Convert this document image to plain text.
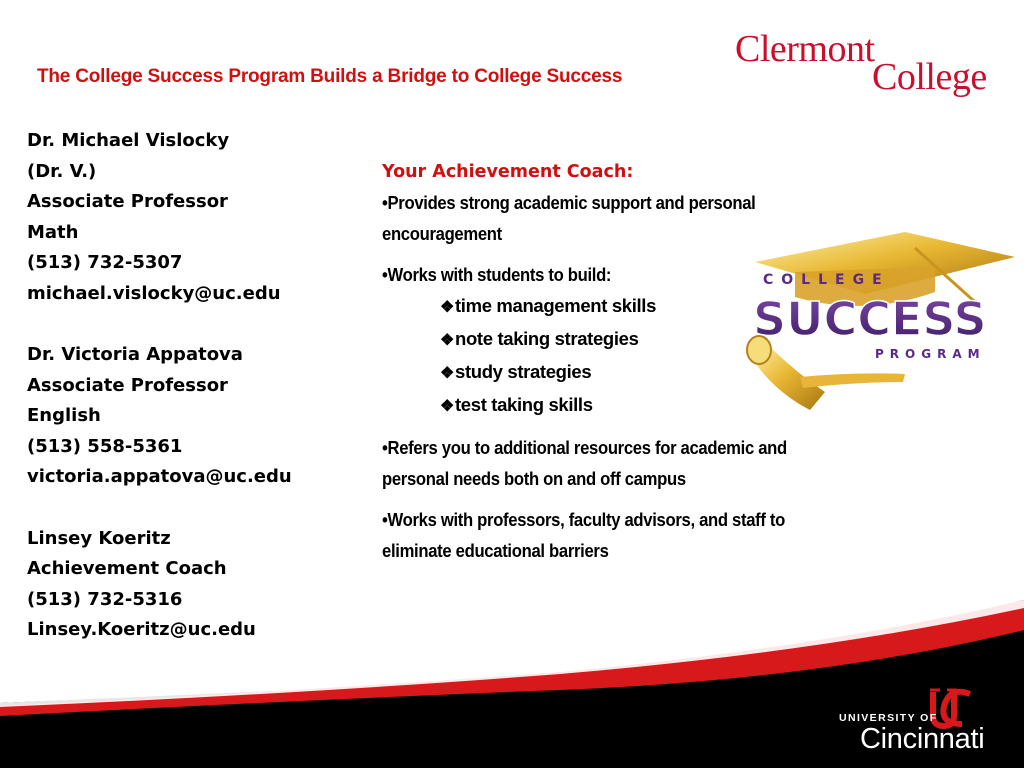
The College Success Program Builds a Bridge to College Success
Clermont
College
Dr. Michael Vislocky
(Dr. V.)
Associate Professor
Math
(513) 732-5307
michael.vislocky@uc.edu
Dr. Victoria Appatova
Associate Professor
English
(513) 558-5361
victoria.appatova@uc.edu
Linsey Koeritz
Achievement Coach
(513) 732-5316
Linsey.Koeritz@uc.edu
Your Achievement Coach:
•Provides strong academic support and personal
encouragement
•Works with students to build:
❖time management skills
❖note taking strategies
❖study strategies
❖test taking skills
•Refers you to additional resources for academic and
personal needs both on and off campus
•Works with professors, faculty advisors, and staff to
eliminate educational barriers
COLLEGE
SUCCESS
PROGRAM
UNIVERSITY OF
Cincinnati
